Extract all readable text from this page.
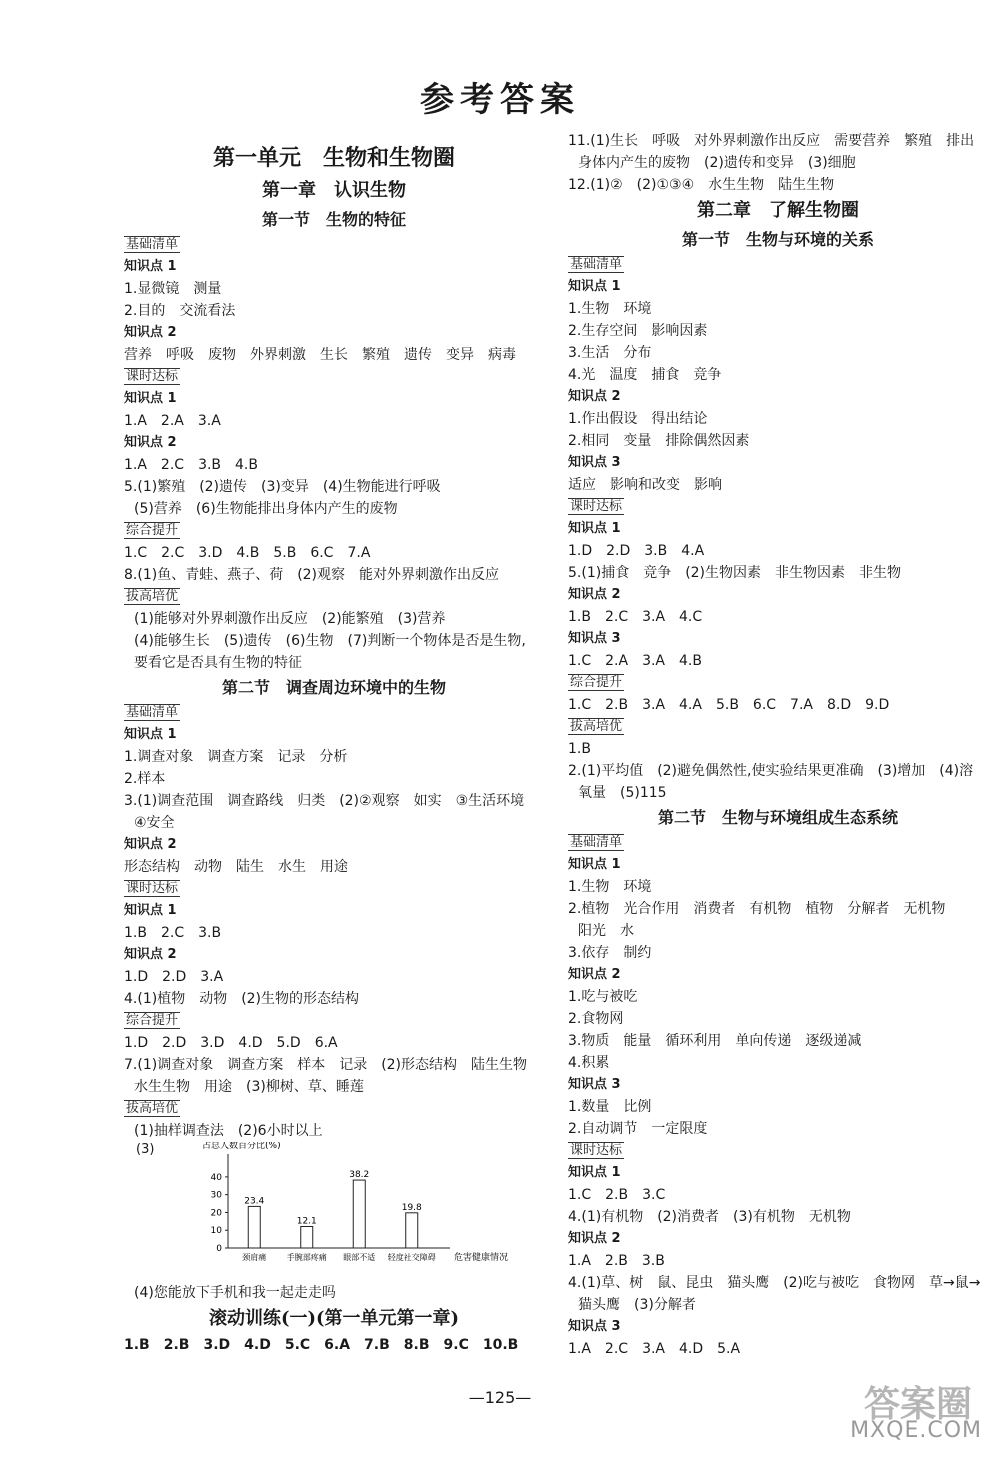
参考答案
第一单元　生物和生物圈
第一章　认识生物
第一节　生物的特征
基础清单
知识点 1
1.显微镜　测量
2.目的　交流看法
知识点 2
营养　呼吸　废物　外界刺激　生长　繁殖　遗传　变异　病毒
课时达标
知识点 1
1.A　2.A　3.A
知识点 2
1.A　2.C　3.B　4.B
5.(1)繁殖　(2)遗传　(3)变异　(4)生物能进行呼吸
(5)营养　(6)生物能排出身体内产生的废物
综合提升
1.C　2.C　3.D　4.B　5.B　6.C　7.A
8.(1)鱼、青蛙、燕子、荷　(2)观察　能对外界刺激作出反应
拔高培优
(1)能够对外界刺激作出反应　(2)能繁殖　(3)营养
(4)能够生长　(5)遗传　(6)生物　(7)判断一个物体是否是生物,
要看它是否具有生物的特征
第二节　调查周边环境中的生物
基础清单
知识点 1
1.调查对象　调查方案　记录　分析
2.样本
3.(1)调查范围　调查路线　归类　(2)②观察　如实　③生活环境
④安全
知识点 2
形态结构　动物　陆生　水生　用途
课时达标
知识点 1
1.B　2.C　3.B
知识点 2
1.D　2.D　3.A
4.(1)植物　动物　(2)生物的形态结构
综合提升
1.D　2.D　3.D　4.D　5.D　6.A
7.(1)调查对象　调查方案　样本　记录　(2)形态结构　陆生生物
水生生物　用途　(3)柳树、草、睡莲
拔高培优
(1)抽样调查法　(2)6小时以上
(3)	占总人数百分比(%)
0
10
20
30
40
23.4
颈肩痛
12.1
手腕部疼痛
38.2
眼部不适
19.8
轻度社交障碍 危害健康情况
(4)您能放下手机和我一起走走吗
滚动训练(一)(第一单元第一章)
1.B　2.B　3.D　4.D　5.C　6.A　7.B　8.B　9.C　10.B
11.(1)生长　呼吸　对外界刺激作出反应　需要营养　繁殖　排出
身体内产生的废物　(2)遗传和变异　(3)细胞
12.(1)②　(2)①③④　水生生物　陆生生物
第二章　了解生物圈
第一节　生物与环境的关系
基础清单
知识点 1
1.生物　环境
2.生存空间　影响因素
3.生活　分布
4.光　温度　捕食　竞争
知识点 2
1.作出假设　得出结论
2.相同　变量　排除偶然因素
知识点 3
适应　影响和改变　影响
课时达标
知识点 1
1.D　2.D　3.B　4.A
5.(1)捕食　竞争　(2)生物因素　非生物因素　非生物
知识点 2
1.B　2.C　3.A　4.C
知识点 3
1.C　2.A　3.A　4.B
综合提升
1.C　2.B　3.A　4.A　5.B　6.C　7.A　8.D　9.D
拔高培优
1.B
2.(1)平均值　(2)避免偶然性,使实验结果更准确　(3)增加　(4)溶
氧量　(5)115
第二节　生物与环境组成生态系统
基础清单
知识点 1
1.生物　环境
2.植物　光合作用　消费者　有机物　植物　分解者　无机物
阳光　水
3.依存　制约
知识点 2
1.吃与被吃
2.食物网
3.物质　能量　循环利用　单向传递　逐级递减
4.积累
知识点 3
1.数量　比例
2.自动调节　一定限度
课时达标
知识点 1
1.C　2.B　3.C
4.(1)有机物　(2)消费者　(3)有机物　无机物
知识点 2
1.A　2.B　3.B
4.(1)草、树　鼠、昆虫　猫头鹰　(2)吃与被吃　食物网　草→鼠→
猫头鹰　(3)分解者
知识点 3
1.A　2.C　3.A　4.D　5.A
—125—	答案圈
MXQE.COM
